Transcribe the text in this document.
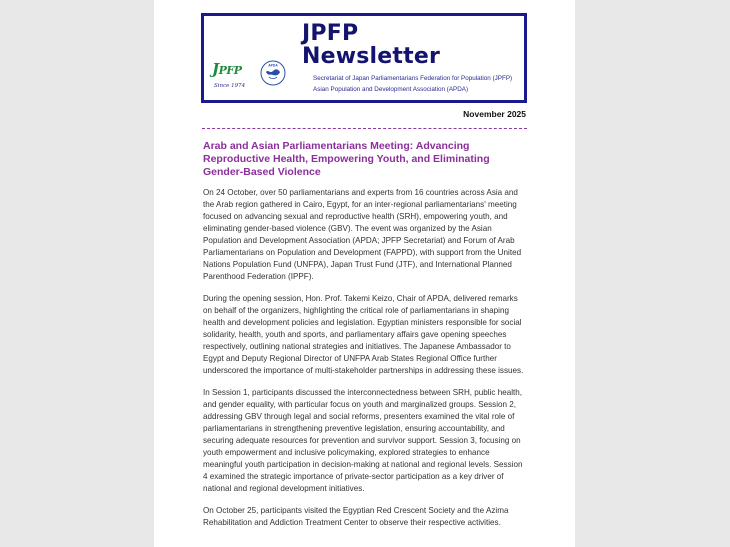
JPFP
Newsletter
Secretariat of Japan Parliamentarians Federation for Population (JPFP)
Asian Population and Development Association (APDA)
JPFP
Since 1974
APDA
November 2025
Arab and Asian Parliamentarians Meeting: Advancing Reproductive Health, Empowering Youth, and Eliminating Gender-Based Violence

On 24 October, over 50 parliamentarians and experts from 16 countries across Asia and the Arab region gathered in Cairo, Egypt, for an inter-regional parliamentarians' meeting focused on advancing sexual and reproductive health (SRH), empowering youth, and eliminating gender-based violence (GBV). The event was organized by the Asian Population and Development Association (APDA; JPFP Secretariat) and Forum of Arab Parliamentarians on Population and Development (FAPPD), with support from the United Nations Population Fund (UNFPA), Japan Trust Fund (JTF), and International Planned Parenthood Federation (IPPF).

During the opening session, Hon. Prof. Takemi Keizo, Chair of APDA, delivered remarks on behalf of the organizers, highlighting the critical role of parliamentarians in shaping health and development policies and legislation. Egyptian ministers responsible for social solidarity, health, youth and sports, and parliamentary affairs gave opening speeches respectively, outlining national strategies and initiatives. The Japanese Ambassador to Egypt and Deputy Regional Director of UNFPA Arab States Regional Office further underscored the importance of multi-stakeholder partnerships in addressing these issues.

In Session 1, participants discussed the interconnectedness between SRH, public health, and gender equality, with particular focus on youth and marginalized groups. Session 2, addressing GBV through legal and social reforms, presenters examined the vital role of parliamentarians in strengthening preventive legislation, ensuring accountability, and securing adequate resources for prevention and survivor support. Session 3, focusing on youth empowerment and inclusive policymaking, explored strategies to enhance meaningful youth participation in decision-making at national and regional levels. Session 4 examined the strategic importance of private-sector participation as a key driver of national and regional development initiatives.

On October 25, participants visited the Egyptian Red Crescent Society and the Azima Rehabilitation and Addiction Treatment Center to observe their respective activities.
